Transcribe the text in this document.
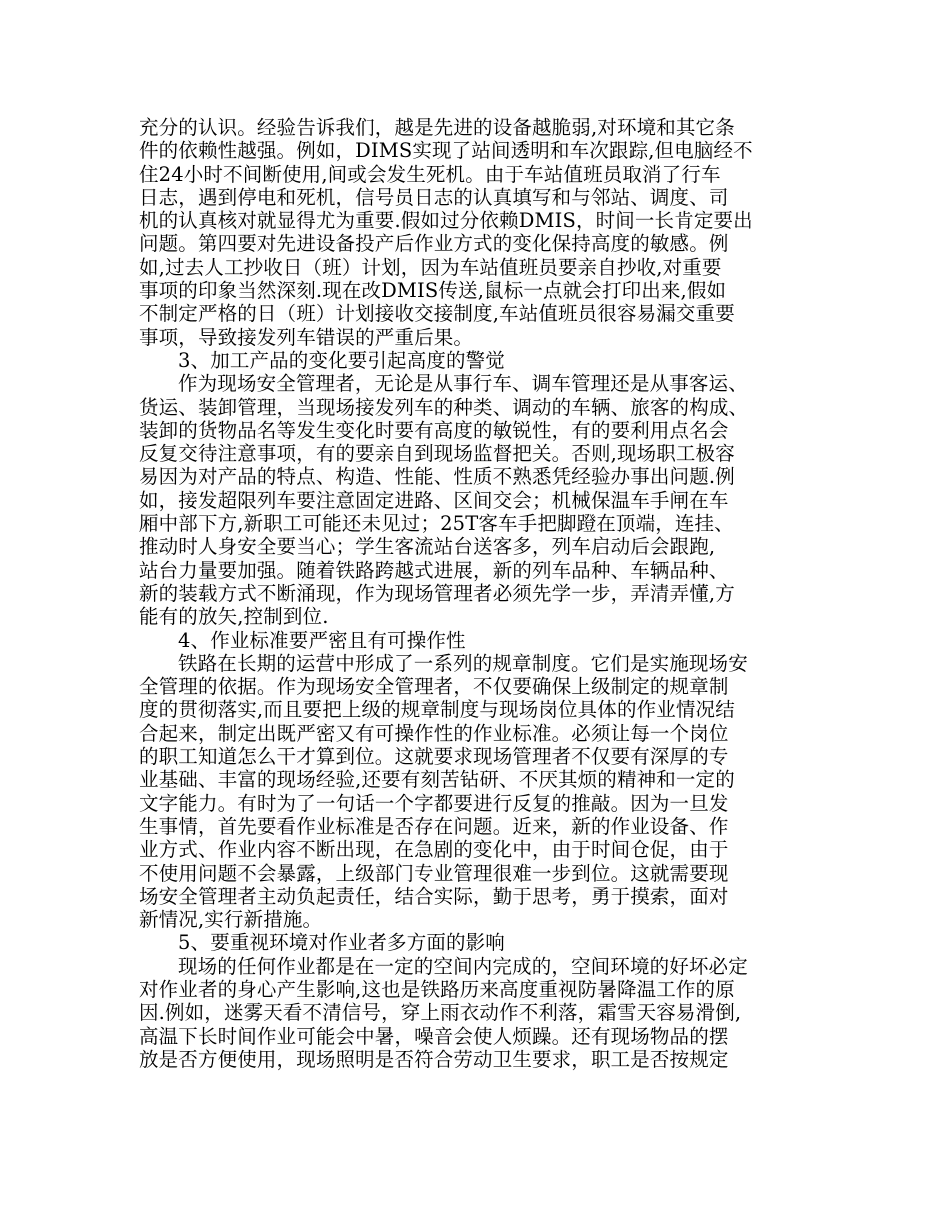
充分的认识。经验告诉我们，越是先进的设备越脆弱,对环境和其它条
件的依赖性越强。例如，DIMS实现了站间透明和车次跟踪,但电脑经不
住24小时不间断使用,间或会发生死机。由于车站值班员取消了行车
日志，遇到停电和死机，信号员日志的认真填写和与邻站、调度、司
机的认真核对就显得尤为重要.假如过分依赖DMIS，时间一长肯定要出
问题。第四要对先进设备投产后作业方式的变化保持高度的敏感。例
如,过去人工抄收日（班）计划，因为车站值班员要亲自抄收,对重要
事项的印象当然深刻.现在改DMIS传送,鼠标一点就会打印出来,假如
不制定严格的日（班）计划接收交接制度,车站值班员很容易漏交重要
事项，导致接发列车错误的严重后果。
3、加工产品的变化要引起高度的警觉
作为现场安全管理者，无论是从事行车、调车管理还是从事客运、
货运、装卸管理，当现场接发列车的种类、调动的车辆、旅客的构成、
装卸的货物品名等发生变化时要有高度的敏锐性，有的要利用点名会
反复交待注意事项，有的要亲自到现场监督把关。否则,现场职工极容
易因为对产品的特点、构造、性能、性质不熟悉凭经验办事出问题.例
如，接发超限列车要注意固定进路、区间交会；机械保温车手闸在车
厢中部下方,新职工可能还未见过；25T客车手把脚蹬在顶端，连挂、
推动时人身安全要当心；学生客流站台送客多，列车启动后会跟跑,
站台力量要加强。随着铁路跨越式进展，新的列车品种、车辆品种、
新的装载方式不断涌现，作为现场管理者必须先学一步，弄清弄懂,方
能有的放矢,控制到位.
4、作业标准要严密且有可操作性
铁路在长期的运营中形成了一系列的规章制度。它们是实施现场安
全管理的依据。作为现场安全管理者，不仅要确保上级制定的规章制
度的贯彻落实,而且要把上级的规章制度与现场岗位具体的作业情况结
合起来，制定出既严密又有可操作性的作业标准。必须让每一个岗位
的职工知道怎么干才算到位。这就要求现场管理者不仅要有深厚的专
业基础、丰富的现场经验,还要有刻苦钻研、不厌其烦的精神和一定的
文字能力。有时为了一句话一个字都要进行反复的推敲。因为一旦发
生事情，首先要看作业标准是否存在问题。近来，新的作业设备、作
业方式、作业内容不断出现，在急剧的变化中，由于时间仓促，由于
不使用问题不会暴露，上级部门专业管理很难一步到位。这就需要现
场安全管理者主动负起责任，结合实际，勤于思考，勇于摸索，面对
新情况,实行新措施。
5、要重视环境对作业者多方面的影响
现场的任何作业都是在一定的空间内完成的，空间环境的好坏必定
对作业者的身心产生影响,这也是铁路历来高度重视防暑降温工作的原
因.例如，迷雾天看不清信号，穿上雨衣动作不利落，霜雪天容易滑倒,
高温下长时间作业可能会中暑，噪音会使人烦躁。还有现场物品的摆
放是否方便使用，现场照明是否符合劳动卫生要求，职工是否按规定
